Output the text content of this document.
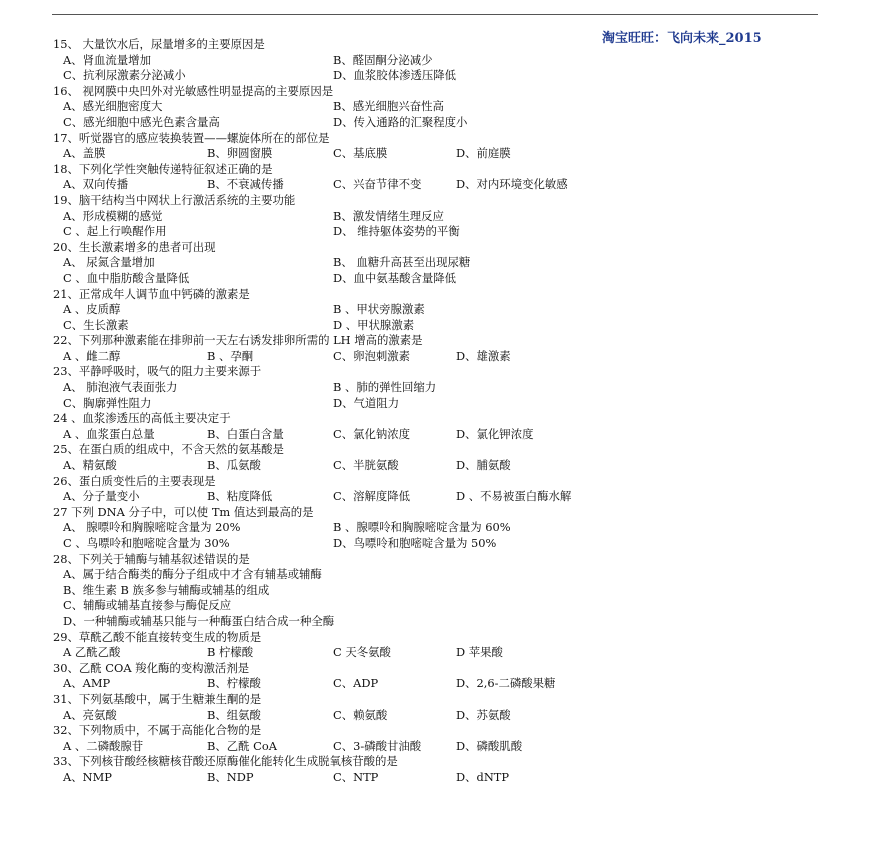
淘宝旺旺：飞向未来_2015
15、 大量饮水后，尿量增多的主要原因是
A、肾血流量增加	B、醛固酮分泌减少
C、抗利尿激素分泌减小	D、血浆胶体渗透压降低
16、 视网膜中央凹外对光敏感性明显提高的主要原因是
A、感光细胞密度大	B、感光细胞兴奋性高
C、感光细胞中感光色素含量高	D、传入通路的汇聚程度小
17、听觉器官的感应装换装置——螺旋体所在的部位是
A、盖膜	B、卵圆窗膜	C、基底膜	D、前庭膜
18、下列化学性突触传递特征叙述正确的是
A、双向传播	B、不衰减传播	C、兴奋节律不变	D、对内环境变化敏感
19、脑干结构当中网状上行激活系统的主要功能
A、形成模糊的感觉	B、激发情绪生理反应
C 、起上行唤醒作用	D、 维持躯体姿势的平衡
20、生长激素增多的患者可出现
A、 尿氮含量增加	B、 血糖升高甚至出现尿糖
C 、血中脂肪酸含量降低	D、血中氨基酸含量降低
21、正常成年人调节血中钙磷的激素是
A 、皮质醇	B 、甲状旁腺激素
C、生长激素	D 、甲状腺激素
22、下列那种激素能在排卵前一天左右诱发排卵所需的 LH 增高的激素是
A 、雌二醇	B 、孕酮	C、卵泡刺激素	D、雄激素
23、平静呼吸时，吸气的阻力主要来源于
A、 肺泡液气表面张力	B 、肺的弹性回缩力
C、胸廓弹性阻力	D、气道阻力
24 、血浆渗透压的高低主要决定于
A 、血浆蛋白总量	B、白蛋白含量	C、氯化钠浓度	D、氯化钾浓度
25、在蛋白质的组成中，不含天然的氨基酸是
A、精氨酸	B、瓜氨酸	C、半胱氨酸	D、脯氨酸
26、蛋白质变性后的主要表现是
A、分子量变小	B、粘度降低	C、溶解度降低	D 、不易被蛋白酶水解
27 下列 DNA 分子中，可以使 Tm 值达到最高的是
A、 腺嘌呤和胸腺嘧啶含量为 20%	B 、腺嘌呤和胸腺嘧啶含量为 60%
C 、鸟嘌呤和胞嘧啶含量为 30%	D、鸟嘌呤和胞嘧啶含量为 50%
28、下列关于辅酶与辅基叙述错误的是
A、属于结合酶类的酶分子组成中才含有辅基或辅酶
B、维生素 B 族多参与辅酶或辅基的组成
C、辅酶或辅基直接参与酶促反应
D、一种辅酶或辅基只能与一种酶蛋白结合成一种全酶
29、草酰乙酸不能直接转变生成的物质是
A 乙酰乙酸	B 柠檬酸	C 天冬氨酸	D 苹果酸
30、乙酰 COA 羧化酶的变构激活剂是
A、AMP	B、柠檬酸	C、ADP	D、2,6-二磷酸果糖
31、下列氨基酸中，属于生糖兼生酮的是
A、亮氨酸	B、组氨酸	C、赖氨酸	D、苏氨酸
32、下列物质中，不属于高能化合物的是
A 、二磷酸腺苷	B、乙酰 CoA	C、3-磷酸甘油酸	D、磷酸肌酸
33、下列核苷酸经核糖核苷酸还原酶催化能转化生成脱氧核苷酸的是
A、NMP	B、NDP	C、NTP	D、dNTP
